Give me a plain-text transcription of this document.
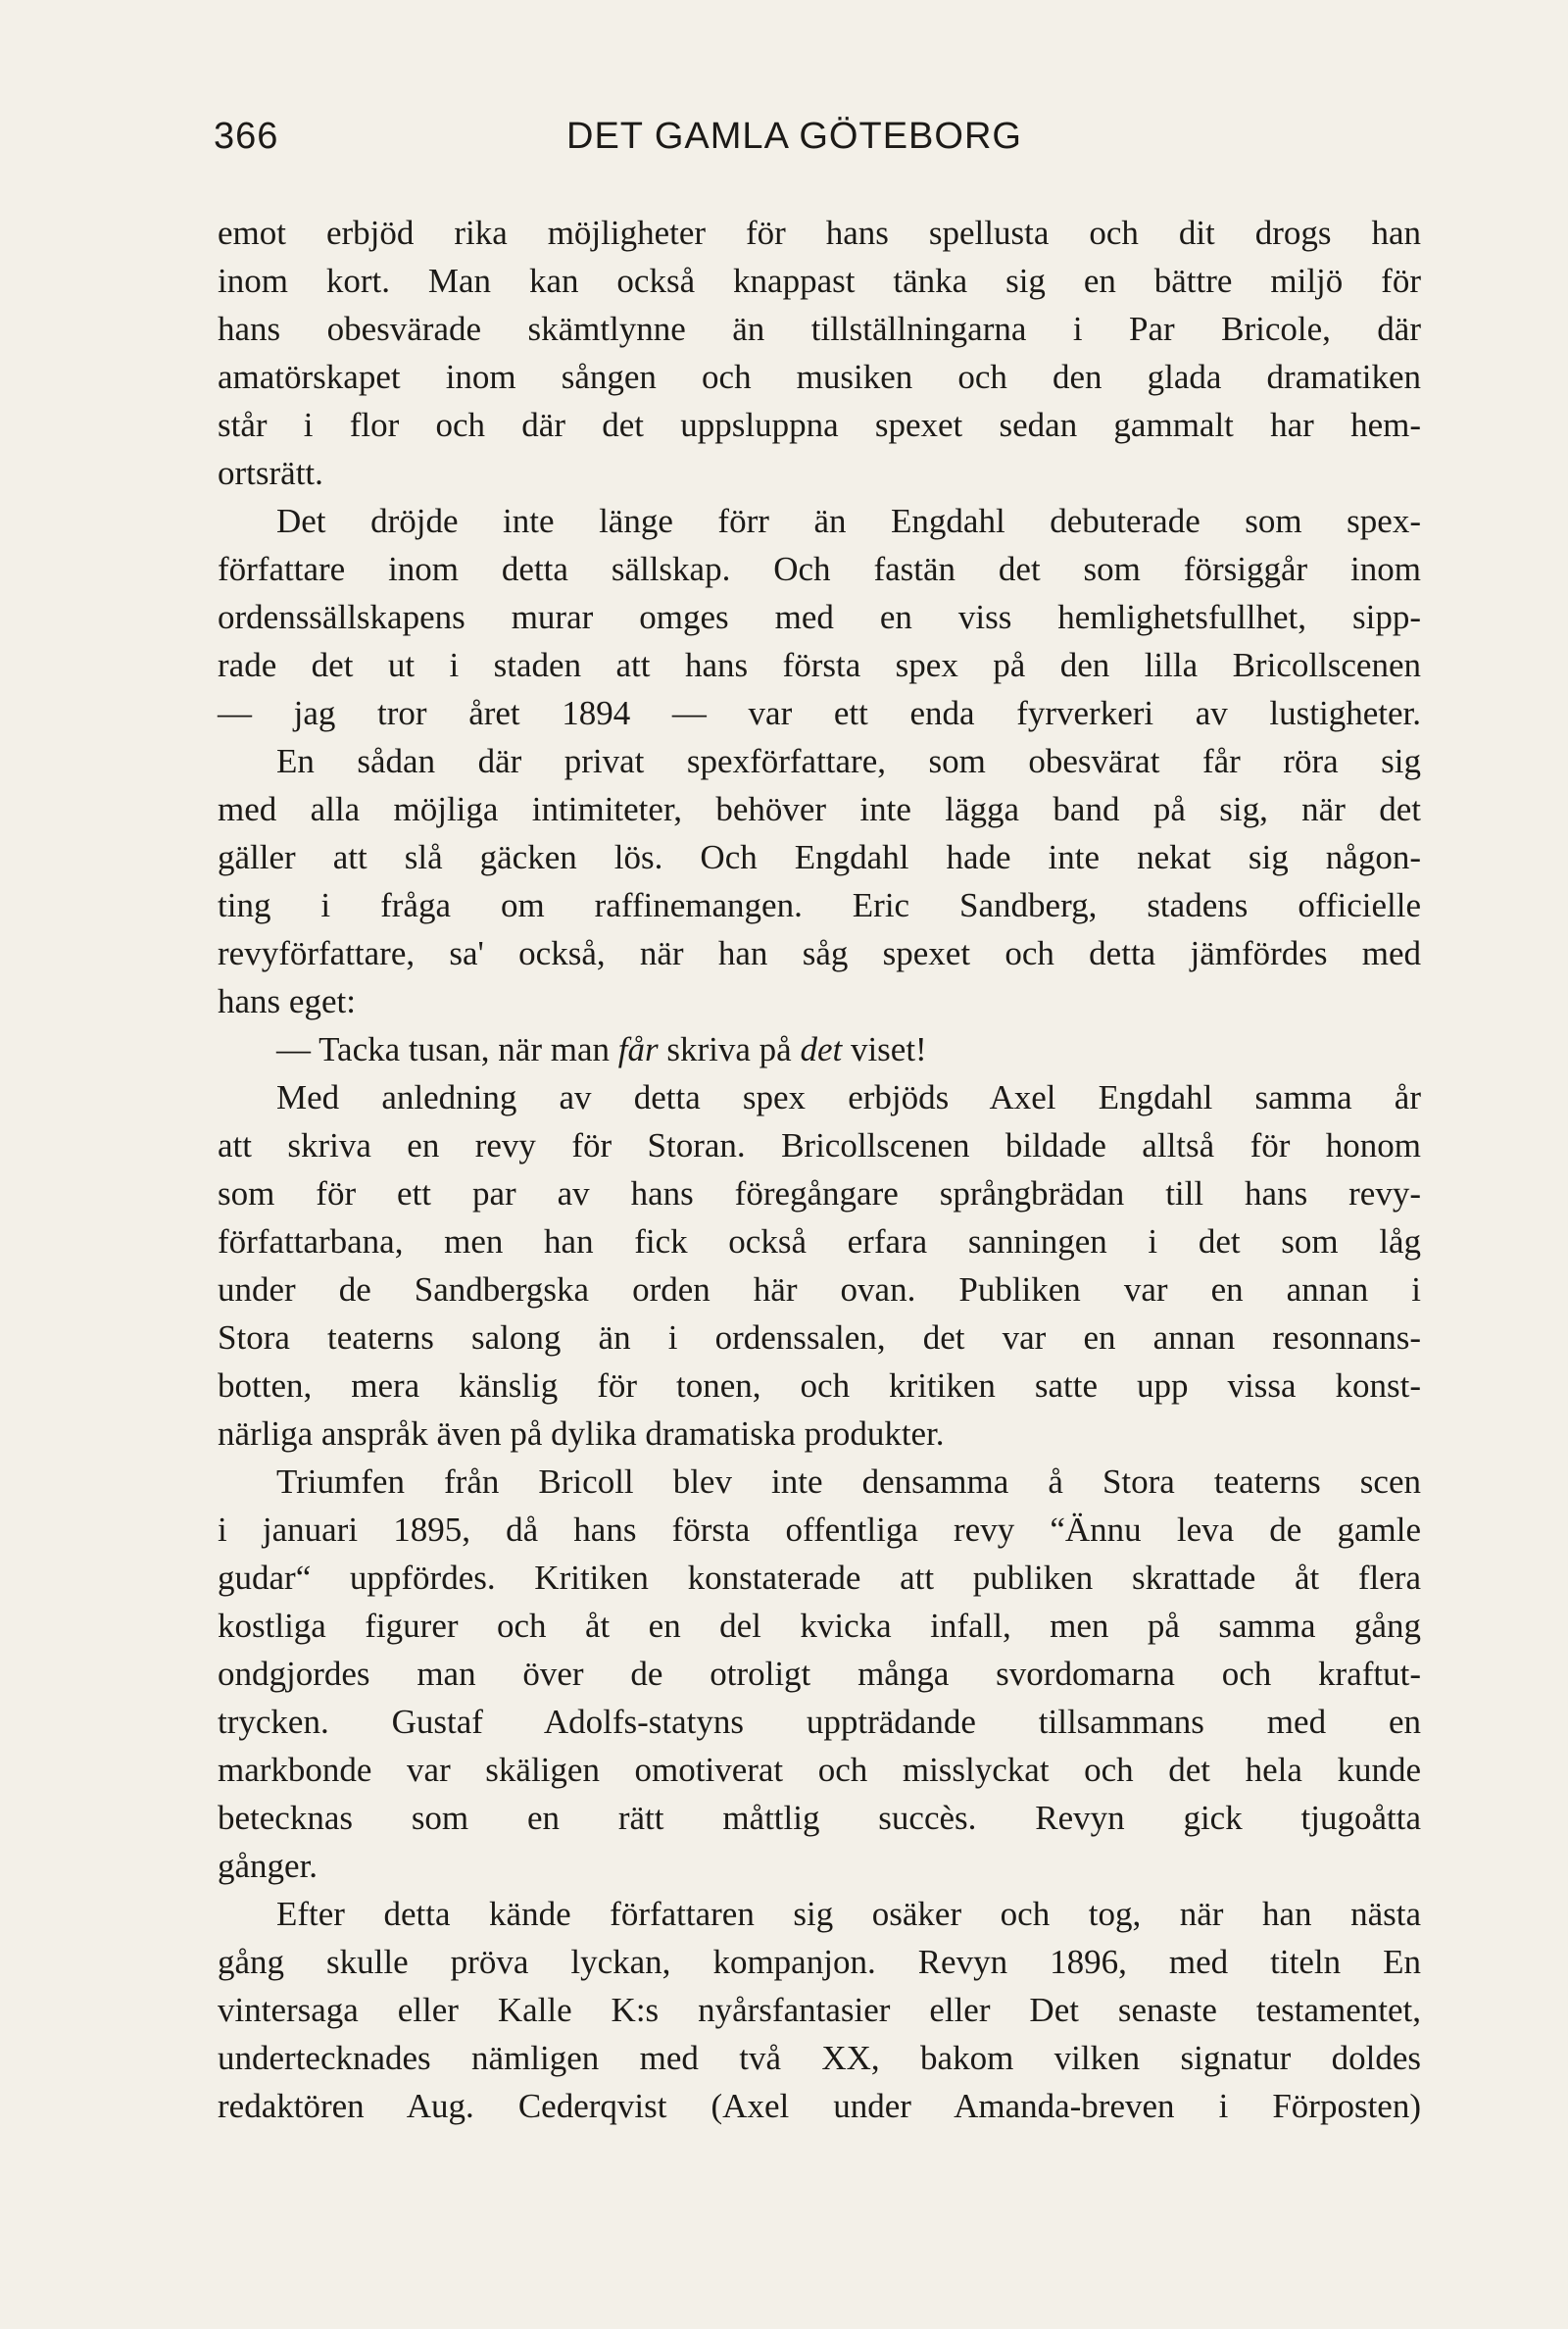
366	DET GAMLA GÖTEBORG
emot erbjöd rika möjligheter för hans spellusta och dit drogs han
inom kort. Man kan också knappast tänka sig en bättre miljö för
hans obesvärade skämtlynne än tillställningarna i Par Bricole, där
amatörskapet inom sången och musiken och den glada dramatiken
står i flor och där det uppsluppna spexet sedan gammalt har hem-
ortsrätt.
Det dröjde inte länge förr än Engdahl debuterade som spex-
författare inom detta sällskap. Och fastän det som försiggår inom
ordenssällskapens murar omges med en viss hemlighetsfullhet, sipp-
rade det ut i staden att hans första spex på den lilla Bricollscenen
— jag tror året 1894 — var ett enda fyrverkeri av lustigheter.
En sådan där privat spexförfattare, som obesvärat får röra sig
med alla möjliga intimiteter, behöver inte lägga band på sig, när det
gäller att slå gäcken lös. Och Engdahl hade inte nekat sig någon-
ting i fråga om raffinemangen. Eric Sandberg, stadens officielle
revyförfattare, sa' också, när han såg spexet och detta jämfördes med
hans eget:
— Tacka tusan, när man får skriva på det viset!
Med anledning av detta spex erbjöds Axel Engdahl samma år
att skriva en revy för Storan. Bricollscenen bildade alltså för honom
som för ett par av hans föregångare språngbrädan till hans revy-
författarbana, men han fick också erfara sanningen i det som låg
under de Sandbergska orden här ovan. Publiken var en annan i
Stora teaterns salong än i ordenssalen, det var en annan resonnans-
botten, mera känslig för tonen, och kritiken satte upp vissa konst-
närliga anspråk även på dylika dramatiska produkter.
Triumfen från Bricoll blev inte densamma å Stora teaterns scen
i januari 1895, då hans första offentliga revy “Ännu leva de gamle
gudar“ uppfördes. Kritiken konstaterade att publiken skrattade åt flera
kostliga figurer och åt en del kvicka infall, men på samma gång
ondgjordes man över de otroligt många svordomarna och kraftut-
trycken. Gustaf Adolfs-statyns uppträdande tillsammans med en
markbonde var skäligen omotiverat och misslyckat och det hela kunde
betecknas som en rätt måttlig succès. Revyn gick tjugoåtta
gånger.
Efter detta kände författaren sig osäker och tog, när han nästa
gång skulle pröva lyckan, kompanjon. Revyn 1896, med titeln En
vintersaga eller Kalle K:s nyårsfantasier eller Det senaste testamentet,
undertecknades nämligen med två XX, bakom vilken signatur doldes
redaktören Aug. Cederqvist (Axel under Amanda-breven i Förposten)
